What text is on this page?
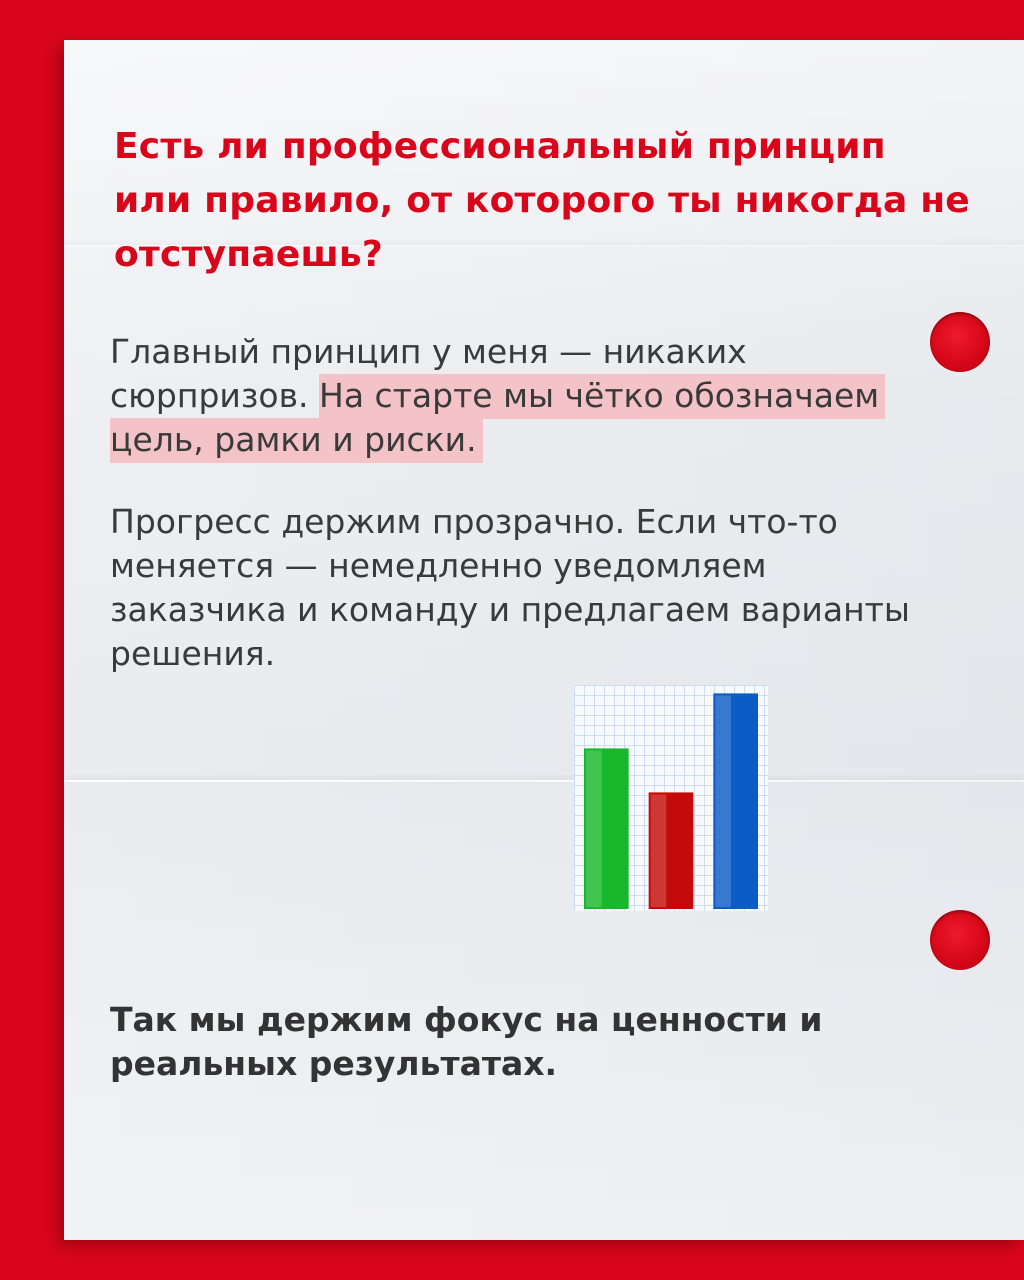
Есть ли профессиональный принцип или правило, от которого ты никогда не отступаешь?

Главный принцип у меня — никаких сюрпризов. На старте мы чётко обозначаем цель, рамки и риски.

Прогресс держим прозрачно. Если что-то меняется — немедленно уведомляем заказчика и команду и предлагаем варианты решения.

Так мы держим фокус на ценности и реальных результатах.
